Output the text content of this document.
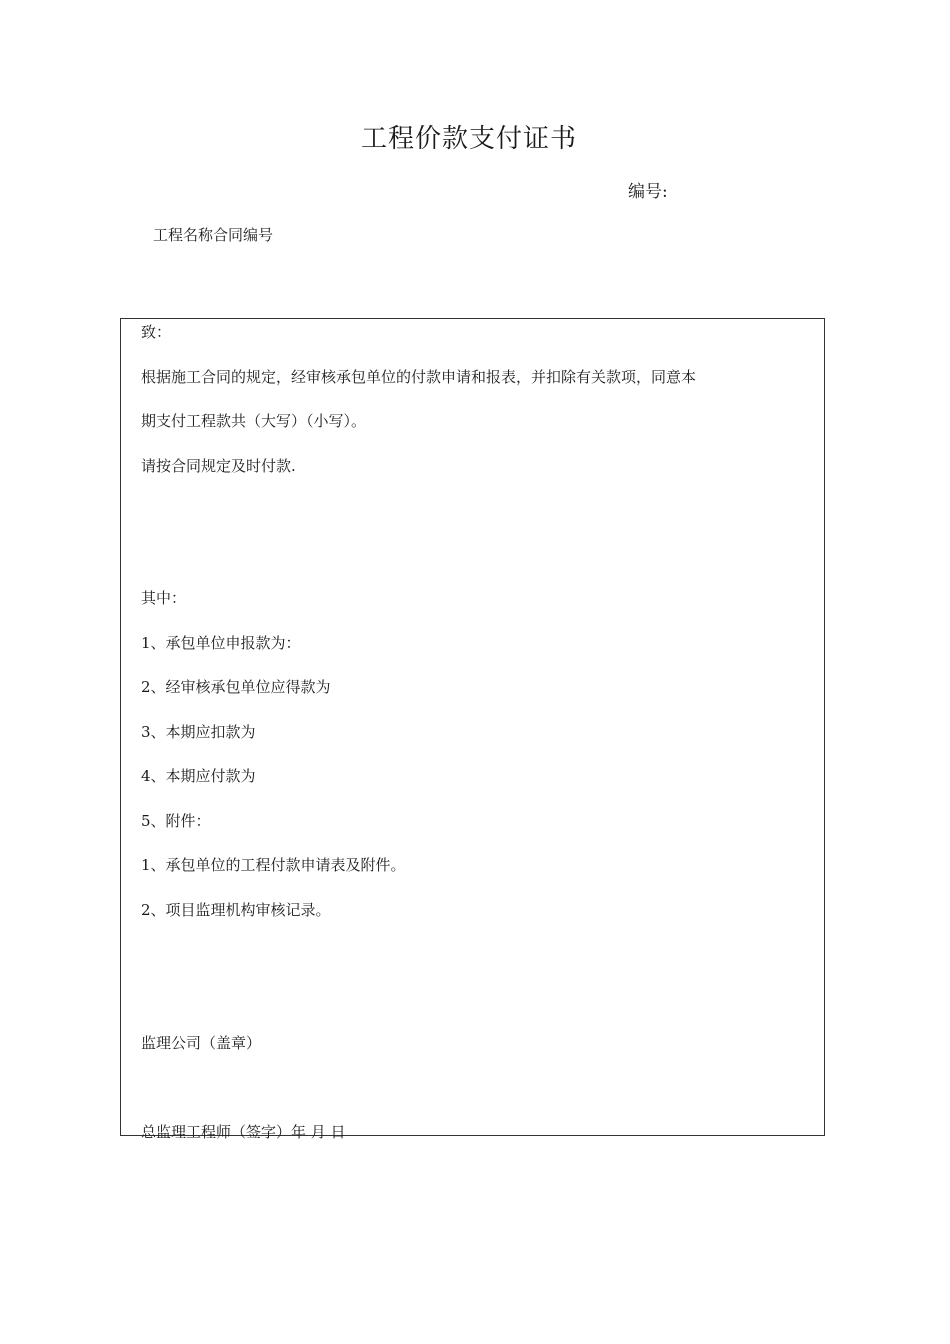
工程价款支付证书
编号:
工程名称合同编号
致：
根据施工合同的规定，经审核承包单位的付款申请和报表，并扣除有关款项，同意本
期支付工程款共（大写）（小写）。
请按合同规定及时付款.
其中：
1、承包单位申报款为：
2、经审核承包单位应得款为
3、本期应扣款为
4、本期应付款为
5、附件：
1、承包单位的工程付款申请表及附件。
2、项目监理机构审核记录。
监理公司（盖章）
总监理工程师（签字）年 月 日
